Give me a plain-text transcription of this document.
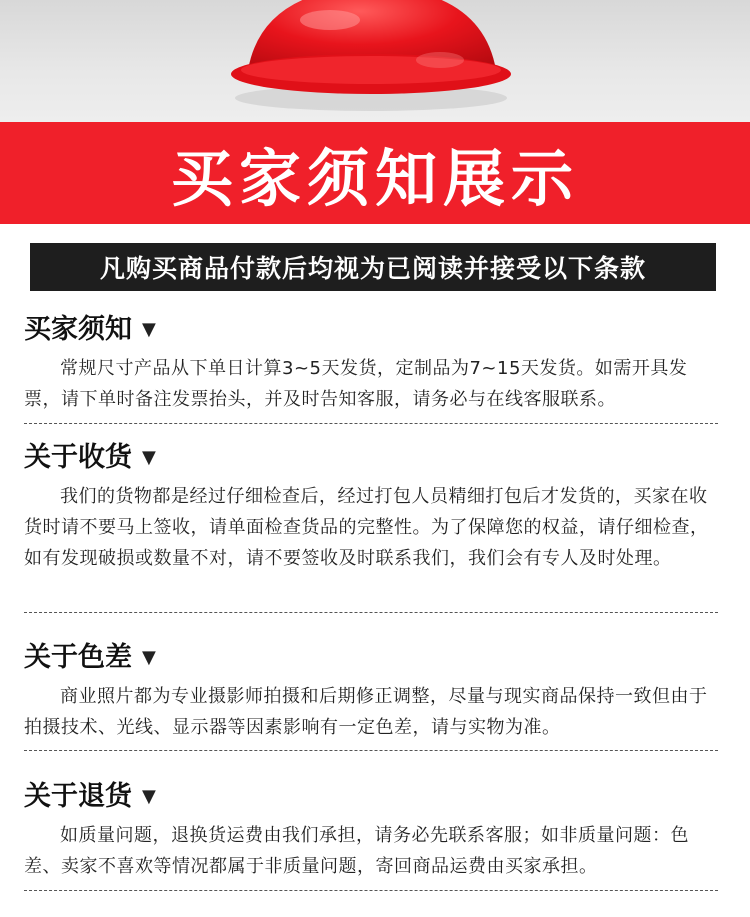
买家须知展示
凡购买商品付款后均视为已阅读并接受以下条款
买家须知 ▼
常规尺寸产品从下单日计算3~5天发货，定制品为7~15天发货。如需开具发票，请下单时备注发票抬头，并及时告知客服，请务必与在线客服联系。
关于收货 ▼
我们的货物都是经过仔细检查后，经过打包人员精细打包后才发货的，买家在收货时请不要马上签收，请单面检查货品的完整性。为了保障您的权益，请仔细检查，如有发现破损或数量不对，请不要签收及时联系我们，我们会有专人及时处理。
关于色差 ▼
商业照片都为专业摄影师拍摄和后期修正调整，尽量与现实商品保持一致但由于拍摄技术、光线、显示器等因素影响有一定色差，请与实物为准。
关于退货 ▼
如质量问题，退换货运费由我们承担，请务必先联系客服；如非质量问题：色差、卖家不喜欢等情况都属于非质量问题，寄回商品运费由买家承担。
